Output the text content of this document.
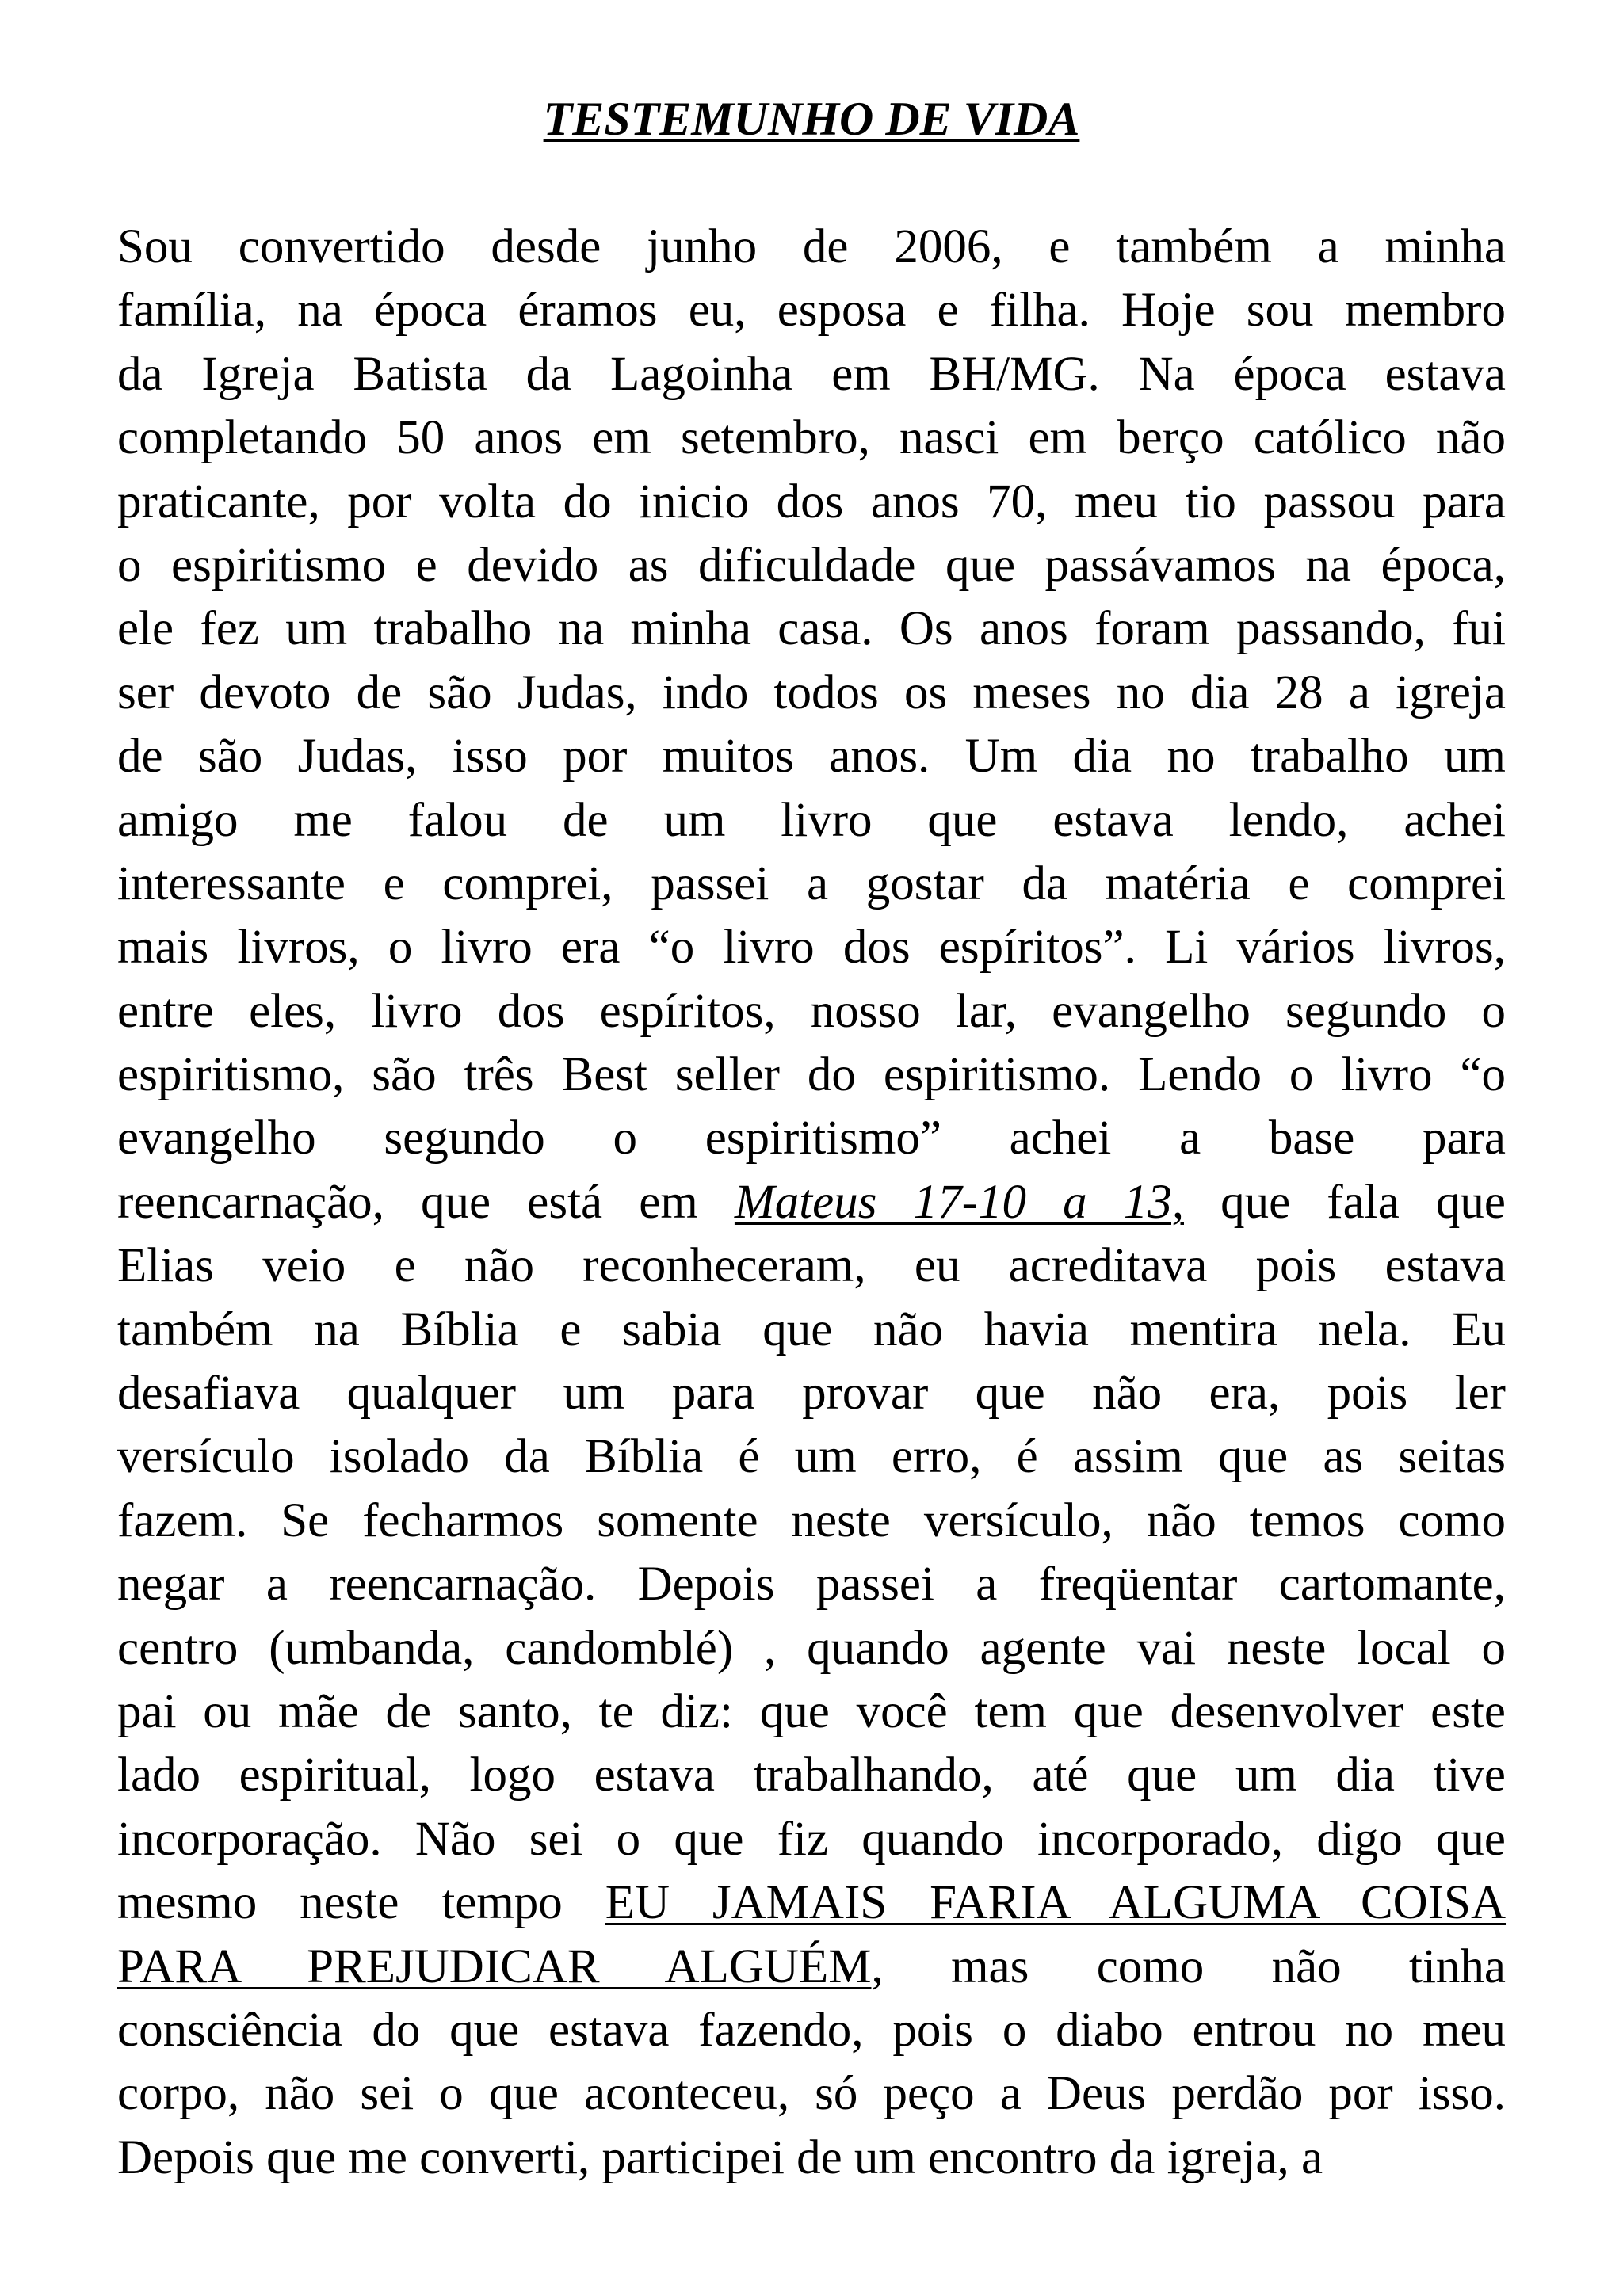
TESTEMUNHO DE VIDA
Sou convertido desde junho de 2006, e também a minha
família, na época éramos eu, esposa e filha. Hoje sou membro
da Igreja Batista da Lagoinha em BH/MG. Na época estava
completando 50 anos em setembro, nasci em berço católico não
praticante, por volta do inicio dos anos 70, meu tio passou para
o espiritismo e devido as dificuldade que passávamos na época,
ele fez um trabalho na minha casa. Os anos foram passando, fui
ser devoto de são Judas, indo todos os meses no dia 28 a igreja
de são Judas, isso por muitos anos. Um dia no trabalho um
amigo me falou de um livro que estava lendo, achei
interessante e comprei, passei a gostar da matéria e comprei
mais livros, o livro era “o livro dos espíritos”. Li vários livros,
entre eles, livro dos espíritos, nosso lar, evangelho segundo o
espiritismo, são três Best seller do espiritismo. Lendo o livro “o
evangelho segundo o espiritismo” achei a base para
reencarnação, que está em Mateus 17-10 a 13, que fala que
Elias veio e não reconheceram, eu acreditava pois estava
também na Bíblia e sabia que não havia mentira nela. Eu
desafiava qualquer um para provar que não era, pois ler
versículo isolado da Bíblia é um erro, é assim que as seitas
fazem. Se fecharmos somente neste versículo, não temos como
negar a reencarnação. Depois passei a freqüentar cartomante,
centro (umbanda, candomblé) , quando agente vai neste local o
pai ou mãe de santo, te diz: que você tem que desenvolver este
lado espiritual, logo estava trabalhando, até que um dia tive
incorporação. Não sei o que fiz quando incorporado, digo que
mesmo neste tempo EU JAMAIS FARIA ALGUMA COISA
PARA PREJUDICAR ALGUÉM, mas como não tinha
consciência do que estava fazendo, pois o diabo entrou no meu
corpo, não sei o que aconteceu, só peço a Deus perdão por isso.
Depois que me converti, participei de um encontro da igreja, a
